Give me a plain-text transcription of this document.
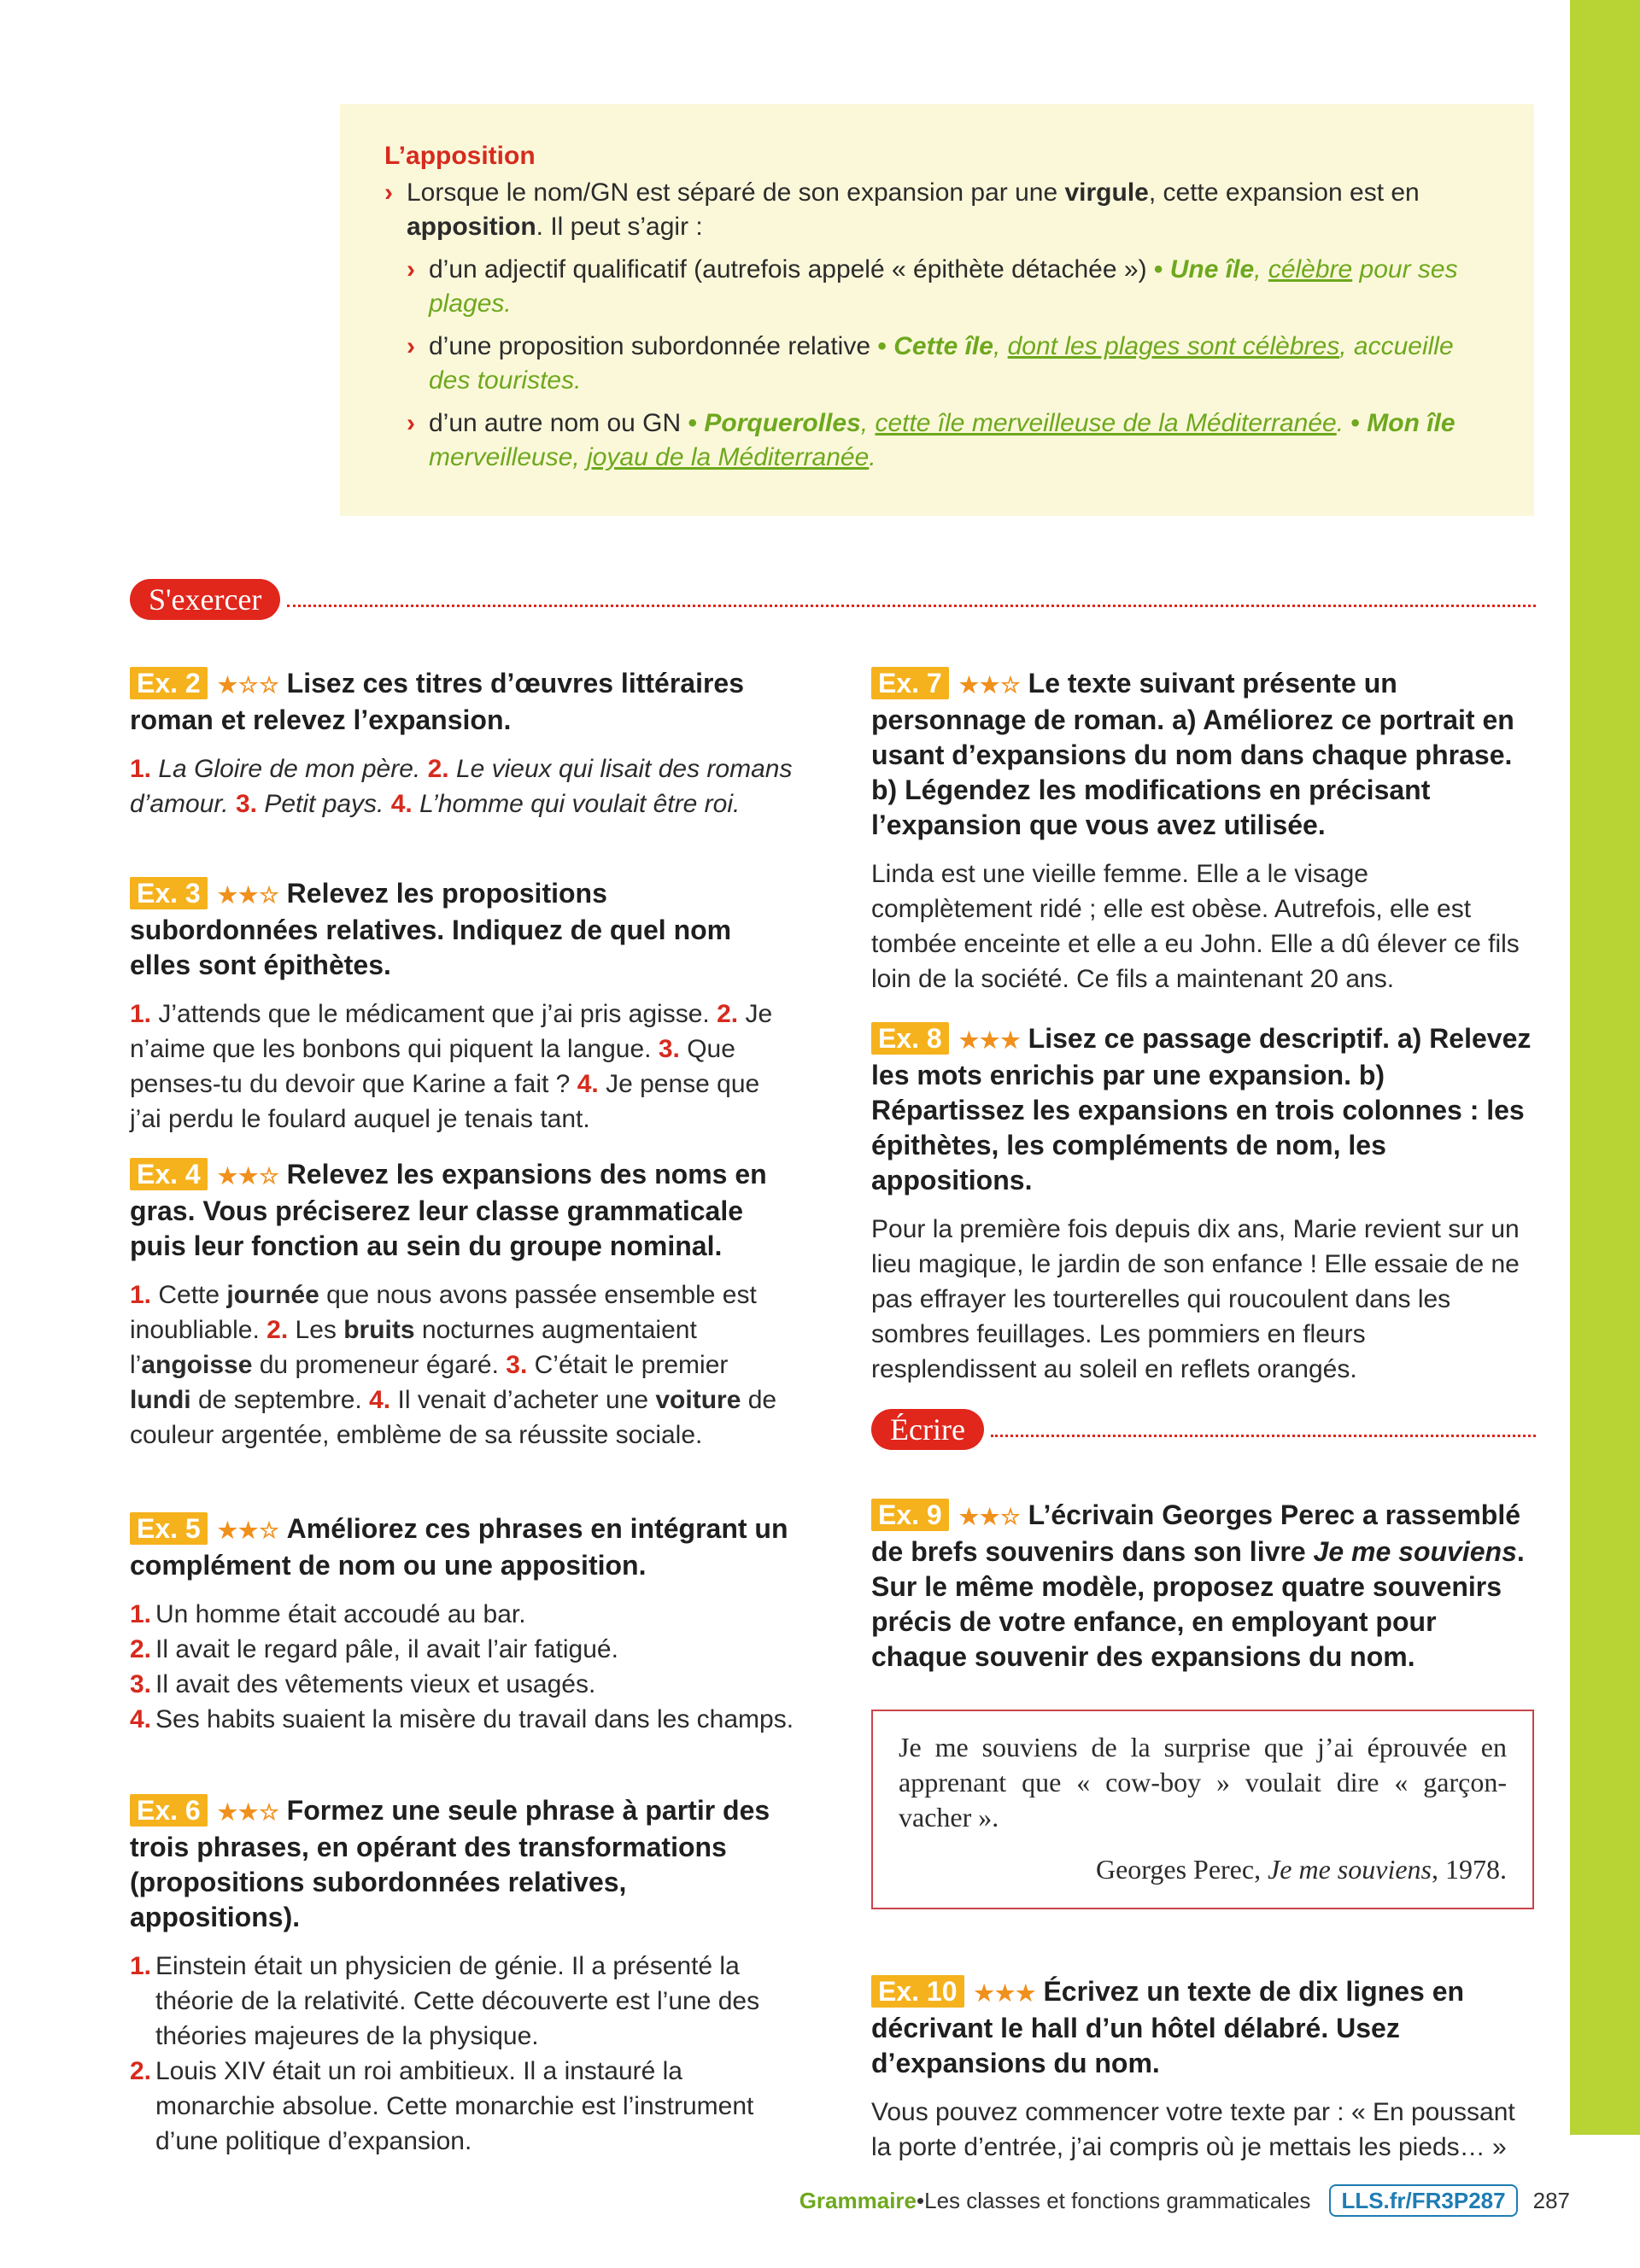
L’apposition

› Lorsque le nom/GN est séparé de son expansion par une virgule, cette expansion est en apposition. Il peut s’agir :

› d’un adjectif qualificatif (autrefois appelé « épithète détachée ») • Une île, célèbre pour ses plages.

› d’une proposition subordonnée relative • Cette île, dont les plages sont célèbres, accueille des touristes.

› d’un autre nom ou GN • Porquerolles, cette île merveilleuse de la Méditerranée. • Mon île merveilleuse, joyau de la Méditerranée.

S'exercer

Ex. 2 ★☆☆ Lisez ces titres d’œuvres littéraires roman et relevez l’expansion.

1. La Gloire de mon père. 2. Le vieux qui lisait des romans d’amour. 3. Petit pays. 4. L’homme qui voulait être roi.

Ex. 3 ★★☆ Relevez les propositions subordonnées relatives. Indiquez de quel nom elles sont épithètes.

1. J’attends que le médicament que j’ai pris agisse. 2. Je n’aime que les bonbons qui piquent la langue. 3. Que penses-tu du devoir que Karine a fait ? 4. Je pense que j’ai perdu le foulard auquel je tenais tant.

Ex. 4 ★★☆ Relevez les expansions des noms en gras. Vous préciserez leur classe grammaticale puis leur fonction au sein du groupe nominal.

1. Cette journée que nous avons passée ensemble est inoubliable. 2. Les bruits nocturnes augmentaient l’angoisse du promeneur égaré. 3. C’était le premier lundi de septembre. 4. Il venait d’acheter une voiture de couleur argentée, emblème de sa réussite sociale.

Ex. 5 ★★☆ Améliorez ces phrases en intégrant un complément de nom ou une apposition.

1. Un homme était accoudé au bar.
2. Il avait le regard pâle, il avait l’air fatigué.
3. Il avait des vêtements vieux et usagés.
4. Ses habits suaient la misère du travail dans les champs.

Ex. 6 ★★☆ Formez une seule phrase à partir des trois phrases, en opérant des transformations (propositions subordonnées relatives, appositions).

1. Einstein était un physicien de génie. Il a présenté la théorie de la relativité. Cette découverte est l’une des théories majeures de la physique.
2. Louis XIV était un roi ambitieux. Il a instauré la monarchie absolue. Cette monarchie est l’instrument d’une politique d’expansion.

Ex. 7 ★★☆ Le texte suivant présente un personnage de roman. a) Améliorez ce portrait en usant d’expansions du nom dans chaque phrase. b) Légendez les modifications en précisant l’expansion que vous avez utilisée.

Linda est une vieille femme. Elle a le visage complètement ridé ; elle est obèse. Autrefois, elle est tombée enceinte et elle a eu John. Elle a dû élever ce fils loin de la société. Ce fils a maintenant 20 ans.

Ex. 8 ★★★ Lisez ce passage descriptif. a) Relevez les mots enrichis par une expansion. b) Répartissez les expansions en trois colonnes : les épithètes, les compléments de nom, les appositions.

Pour la première fois depuis dix ans, Marie revient sur un lieu magique, le jardin de son enfance ! Elle essaie de ne pas effrayer les tourterelles qui roucoulent dans les sombres feuillages. Les pommiers en fleurs resplendissent au soleil en reflets orangés.

Écrire

Ex. 9 ★★☆ L’écrivain Georges Perec a rassemblé de brefs souvenirs dans son livre Je me souviens. Sur le même modèle, proposez quatre souvenirs précis de votre enfance, en employant pour chaque souvenir des expansions du nom.

Je me souviens de la surprise que j’ai éprouvée en apprenant que « cow-boy » voulait dire « garçon-vacher ».

Georges Perec, Je me souviens, 1978.

Ex. 10 ★★★ Écrivez un texte de dix lignes en décrivant le hall d’un hôtel délabré. Usez d’expansions du nom.

Vous pouvez commencer votre texte par : « En poussant la porte d’entrée, j’ai compris où je mettais les pieds… »

Grammaire • Les classes et fonctions grammaticales	LLS.fr/FR3P287	287
